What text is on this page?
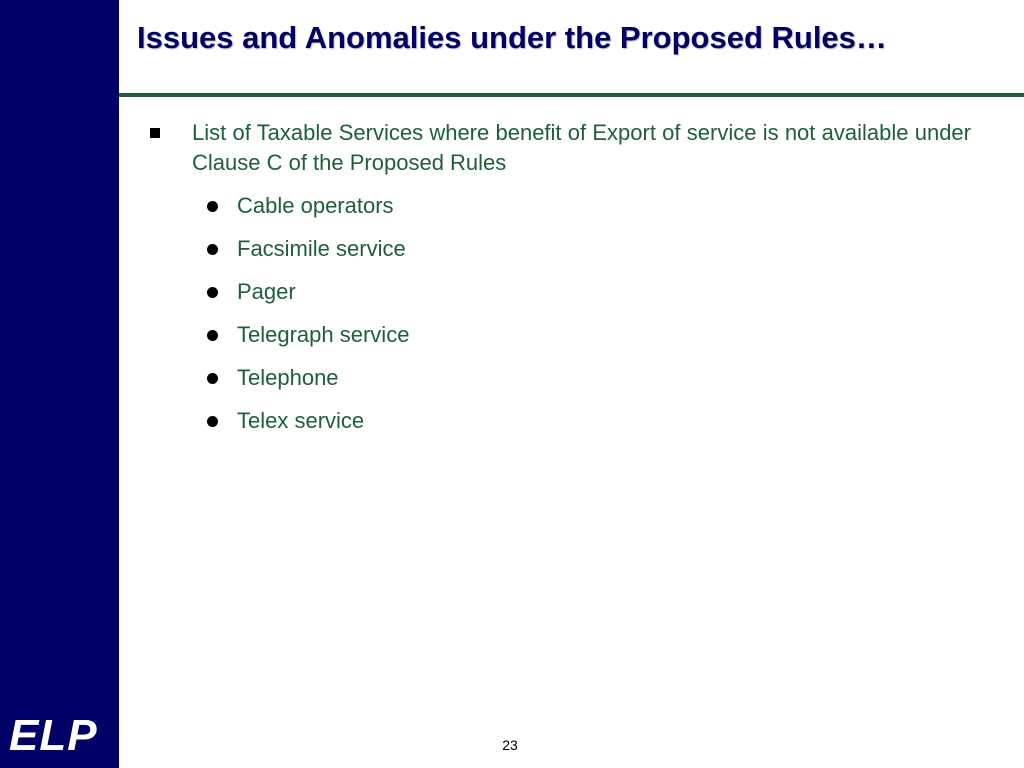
ELP
Issues and Anomalies under the Proposed Rules…
List of Taxable Services where benefit of Export of service is not available under Clause C of the Proposed Rules
Cable operators
Facsimile service
Pager
Telegraph service
Telephone
Telex service
23
